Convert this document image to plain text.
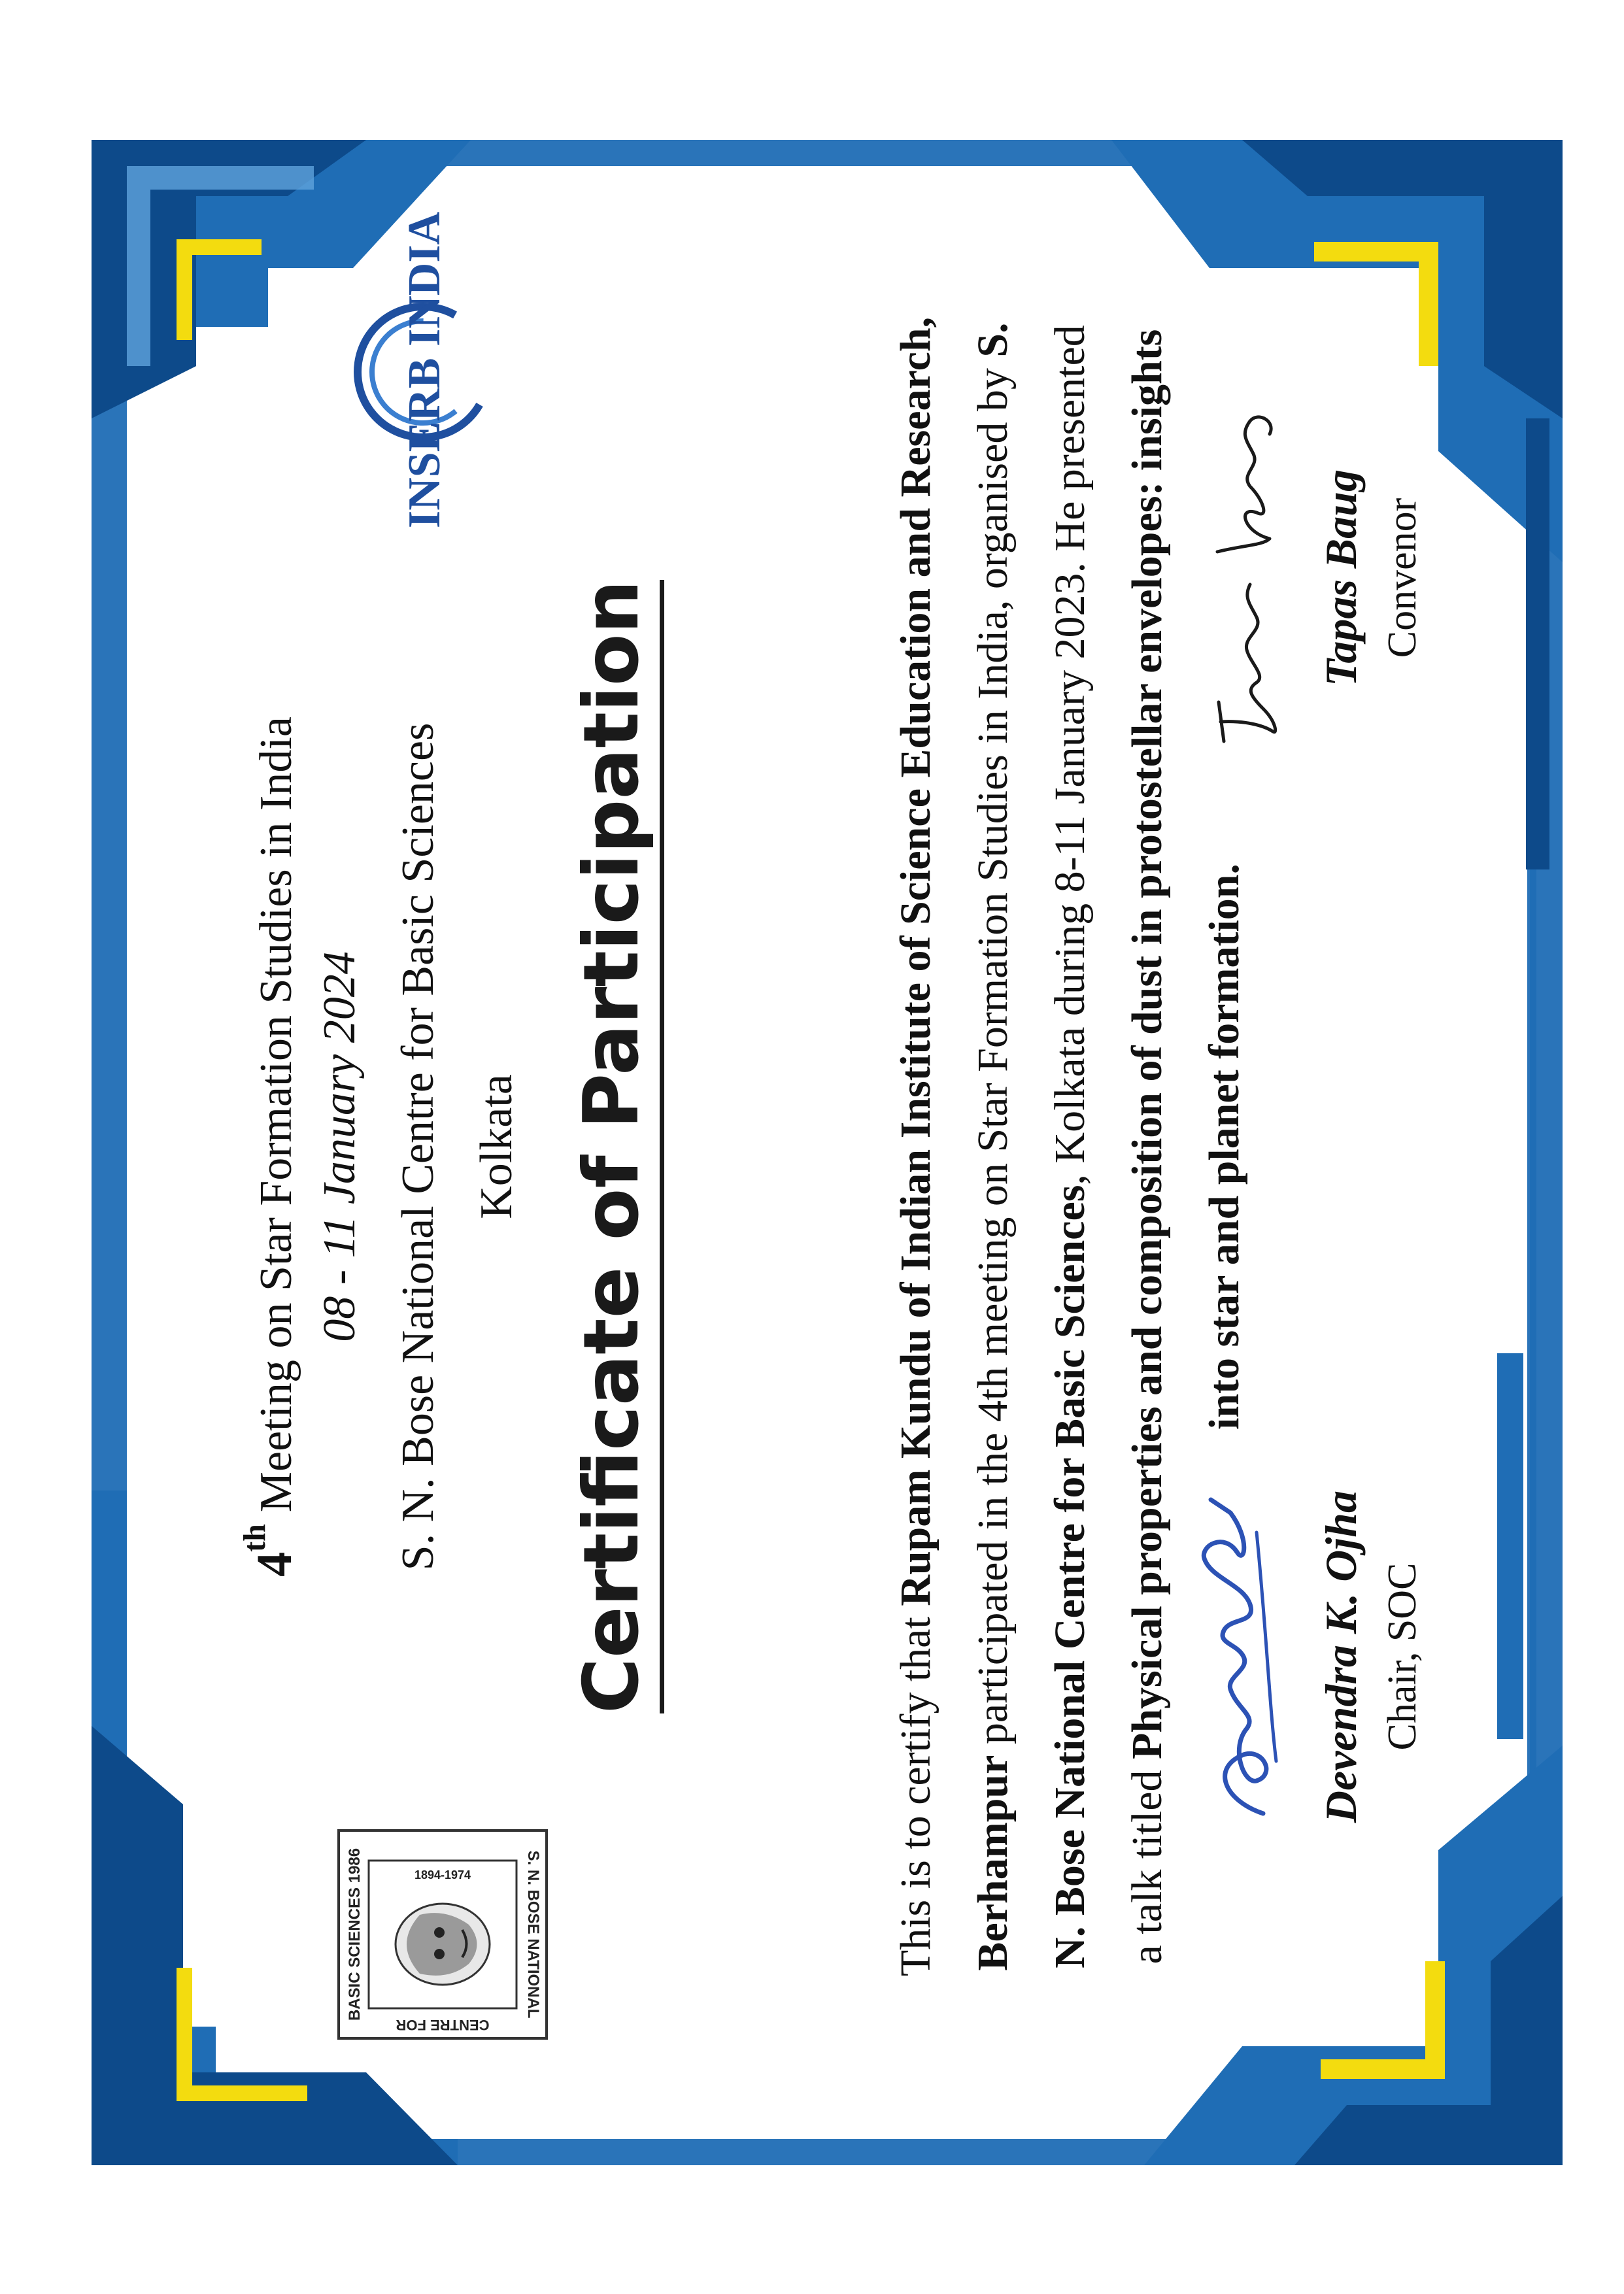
BASIC SCIENCES 1986	S. N. BOSE NATIONAL
CENTRE FOR
1894-1974
INSERB INDIA
4thMeeting on Star Formation Studies in India 08 - 11 January 2024 S. N. Bose National Centre for Basic Sciences Kolkata Certificate of Participation
This is to certify that Rupam Kundu of Indian Institute of Science Education and Research, Berhampur participated in the 4th meeting on Star Formation Studies in India, organised by S. N. Bose National Centre for Basic Sciences, Kolkata during 8-11 January 2023. He presented a talk titled Physical properties and composition of dust in protostellar envelopes: insights into star and planet formation.
Devendra K. Ojha Chair, SOC
Tapas Baug Convenor
